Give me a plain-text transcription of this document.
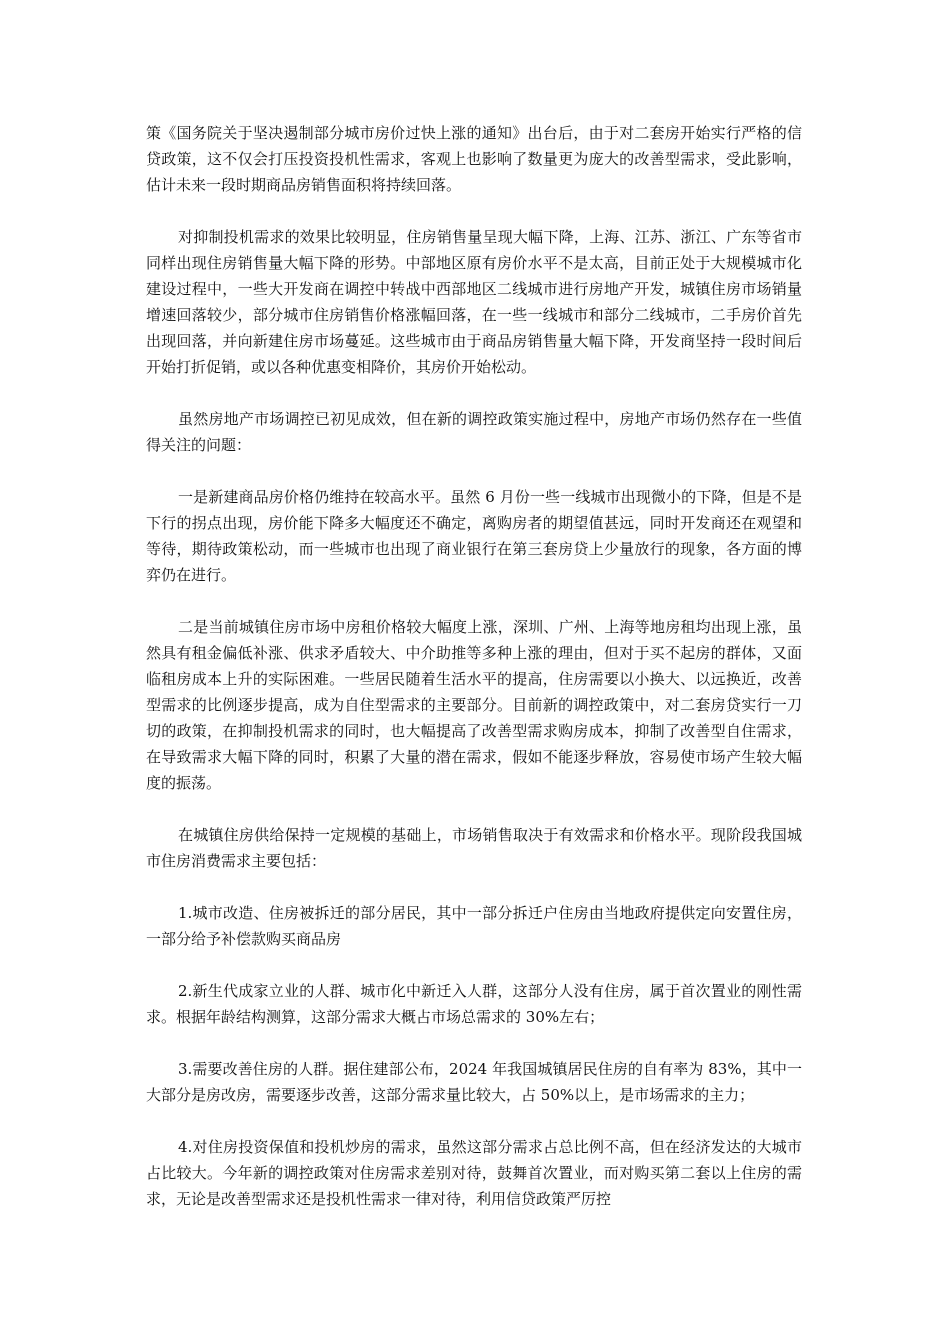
策《国务院关于坚决遏制部分城市房价过快上涨的通知》出台后，由于对二套房开始实行严格的信贷政策，这不仅会打压投资投机性需求，客观上也影响了数量更为庞大的改善型需求，受此影响，估计未来一段时期商品房销售面积将持续回落。

对抑制投机需求的效果比较明显，住房销售量呈现大幅下降，上海、江苏、浙江、广东等省市同样出现住房销售量大幅下降的形势。中部地区原有房价水平不是太高，目前正处于大规模城市化建设过程中，一些大开发商在调控中转战中西部地区二线城市进行房地产开发，城镇住房市场销量增速回落较少，部分城市住房销售价格涨幅回落，在一些一线城市和部分二线城市，二手房价首先出现回落，并向新建住房市场蔓延。这些城市由于商品房销售量大幅下降，开发商坚持一段时间后开始打折促销，或以各种优惠变相降价，其房价开始松动。

虽然房地产市场调控已初见成效，但在新的调控政策实施过程中，房地产市场仍然存在一些值得关注的问题：

一是新建商品房价格仍维持在较高水平。虽然 6 月份一些一线城市出现微小的下降，但是不是下行的拐点出现，房价能下降多大幅度还不确定，离购房者的期望值甚远，同时开发商还在观望和等待，期待政策松动，而一些城市也出现了商业银行在第三套房贷上少量放行的现象，各方面的博弈仍在进行。

二是当前城镇住房市场中房租价格较大幅度上涨，深圳、广州、上海等地房租均出现上涨，虽然具有租金偏低补涨、供求矛盾较大、中介助推等多种上涨的理由，但对于买不起房的群体，又面临租房成本上升的实际困难。一些居民随着生活水平的提高，住房需要以小换大、以远换近，改善型需求的比例逐步提高，成为自住型需求的主要部分。目前新的调控政策中，对二套房贷实行一刀切的政策，在抑制投机需求的同时，也大幅提高了改善型需求购房成本，抑制了改善型自住需求，在导致需求大幅下降的同时，积累了大量的潜在需求，假如不能逐步释放，容易使市场产生较大幅度的振荡。

在城镇住房供给保持一定规模的基础上，市场销售取决于有效需求和价格水平。现阶段我国城市住房消费需求主要包括：

1.城市改造、住房被拆迁的部分居民，其中一部分拆迁户住房由当地政府提供定向安置住房，一部分给予补偿款购买商品房

2.新生代成家立业的人群、城市化中新迁入人群，这部分人没有住房，属于首次置业的刚性需求。根据年龄结构测算，这部分需求大概占市场总需求的 30%左右；

3.需要改善住房的人群。据住建部公布，2024 年我国城镇居民住房的自有率为 83%，其中一大部分是房改房，需要逐步改善，这部分需求量比较大，占 50%以上，是市场需求的主力；

4.对住房投资保值和投机炒房的需求，虽然这部分需求占总比例不高，但在经济发达的大城市占比较大。今年新的调控政策对住房需求差别对待，鼓舞首次置业，而对购买第二套以上住房的需求，无论是改善型需求还是投机性需求一律对待，利用信贷政策严厉控
